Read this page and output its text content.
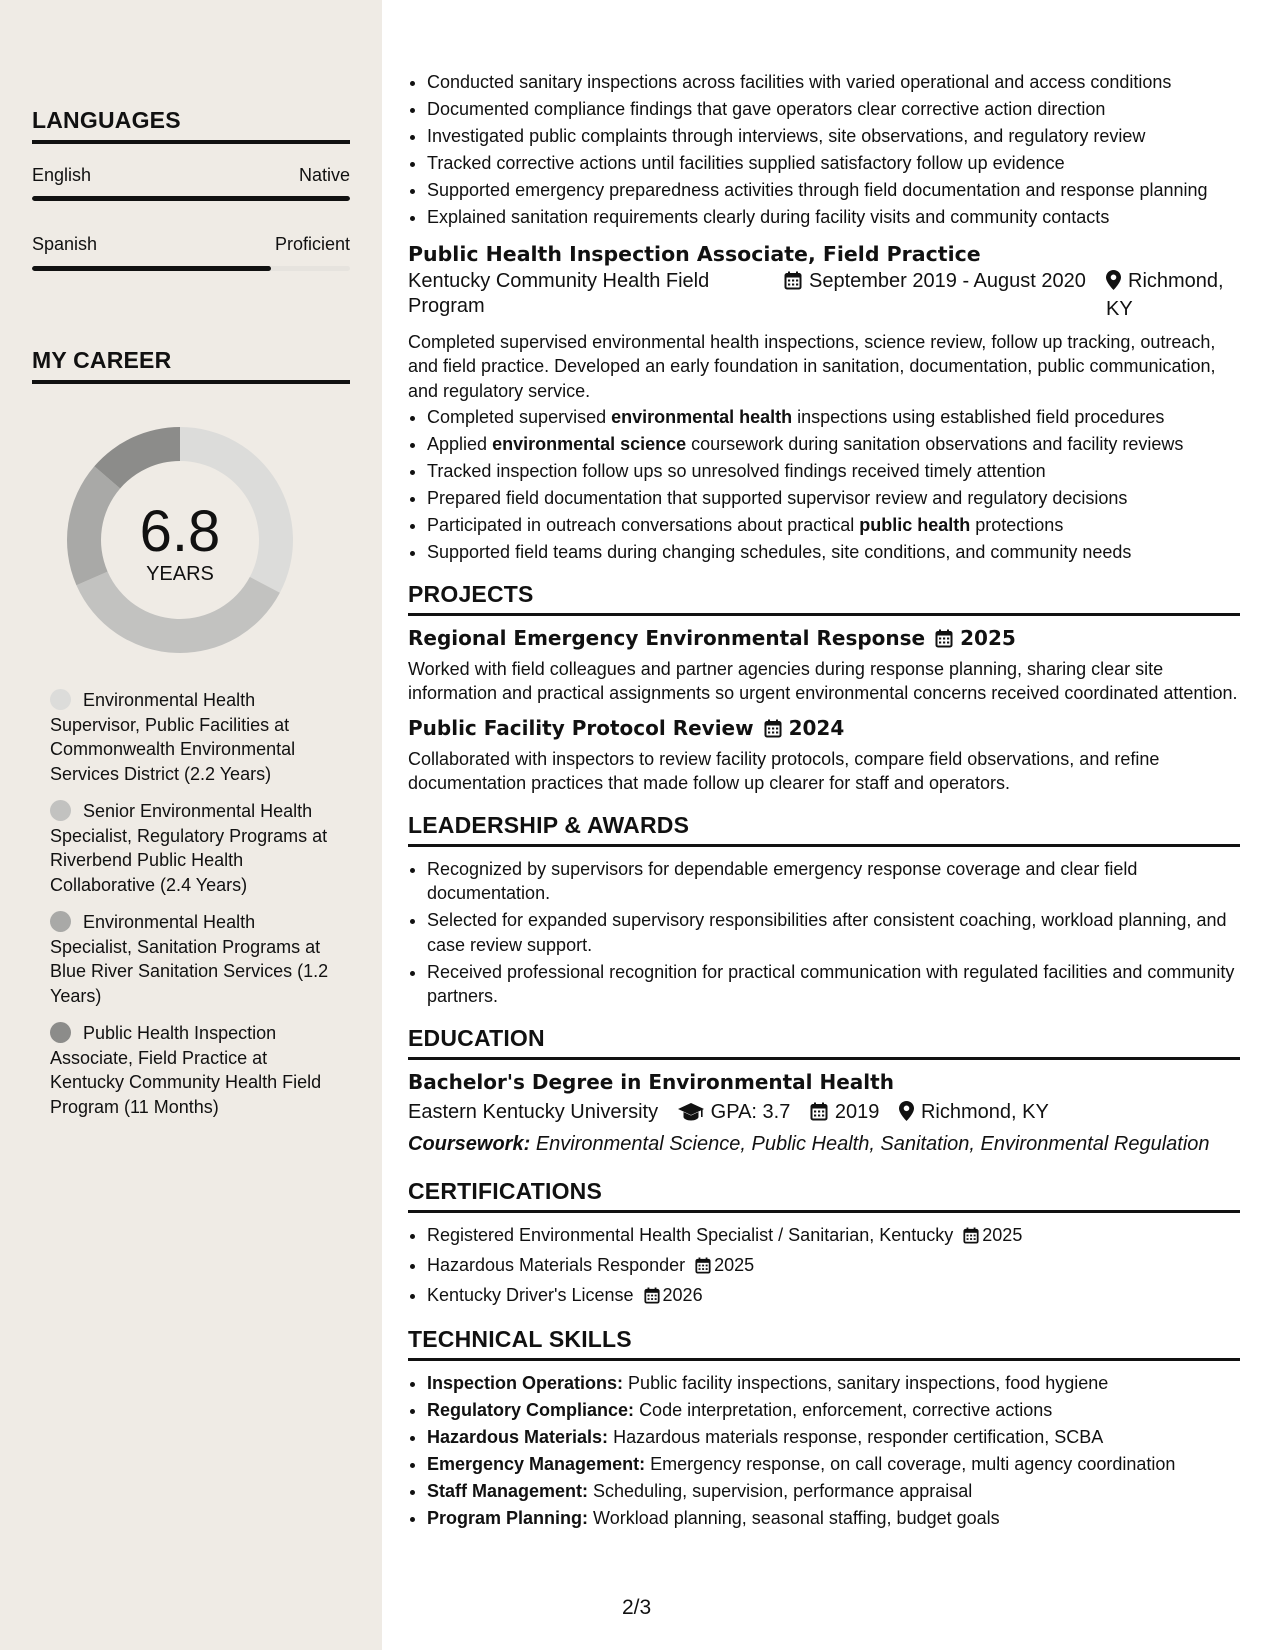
LANGUAGES
English	Native
Spanish	Proficient
MY CAREER
6.8
YEARS
Environmental Health Supervisor, Public Facilities at Commonwealth Environmental Services District (2.2 Years)
Senior Environmental Health Specialist, Regulatory Programs at Riverbend Public Health Collaborative (2.4 Years)
Environmental Health Specialist, Sanitation Programs at Blue River Sanitation Services (1.2 Years)
Public Health Inspection Associate, Field Practice at Kentucky Community Health Field Program (11 Months)
• Conducted sanitary inspections across facilities with varied operational and access conditions
• Documented compliance findings that gave operators clear corrective action direction
• Investigated public complaints through interviews, site observations, and regulatory review
• Tracked corrective actions until facilities supplied satisfactory follow up evidence
• Supported emergency preparedness activities through field documentation and response planning
• Explained sanitation requirements clearly during facility visits and community contacts
Public Health Inspection Associate, Field Practice
Kentucky Community Health Field Program
September 2019 - August 2020	Richmond, KY
Completed supervised environmental health inspections, science review, follow up tracking, outreach, and field practice. Developed an early foundation in sanitation, documentation, public communication, and regulatory service.
• Completed supervised environmental health inspections using established field procedures
• Applied environmental science coursework during sanitation observations and facility reviews
• Tracked inspection follow ups so unresolved findings received timely attention
• Prepared field documentation that supported supervisor review and regulatory decisions
• Participated in outreach conversations about practical public health protections
• Supported field teams during changing schedules, site conditions, and community needs
PROJECTS
Regional Emergency Environmental Response 2025
Worked with field colleagues and partner agencies during response planning, sharing clear site information and practical assignments so urgent environmental concerns received coordinated attention.
Public Facility Protocol Review 2024
Collaborated with inspectors to review facility protocols, compare field observations, and refine documentation practices that made follow up clearer for staff and operators.
LEADERSHIP & AWARDS
• Recognized by supervisors for dependable emergency response coverage and clear field documentation.
• Selected for expanded supervisory responsibilities after consistent coaching, workload planning, and case review support.
• Received professional recognition for practical communication with regulated facilities and community partners.
EDUCATION
Bachelor's Degree in Environmental Health
Eastern Kentucky University	GPA: 3.7 2019 Richmond, KY
Coursework: Environmental Science, Public Health, Sanitation, Environmental Regulation
CERTIFICATIONS
• Registered Environmental Health Specialist / Sanitarian, Kentucky 2025
• Hazardous Materials Responder 2025
• Kentucky Driver's License 2026
TECHNICAL SKILLS
• Inspection Operations: Public facility inspections, sanitary inspections, food hygiene
• Regulatory Compliance: Code interpretation, enforcement, corrective actions
• Hazardous Materials: Hazardous materials response, responder certification, SCBA
• Emergency Management: Emergency response, on call coverage, multi agency coordination
• Staff Management: Scheduling, supervision, performance appraisal
• Program Planning: Workload planning, seasonal staffing, budget goals
2/3
